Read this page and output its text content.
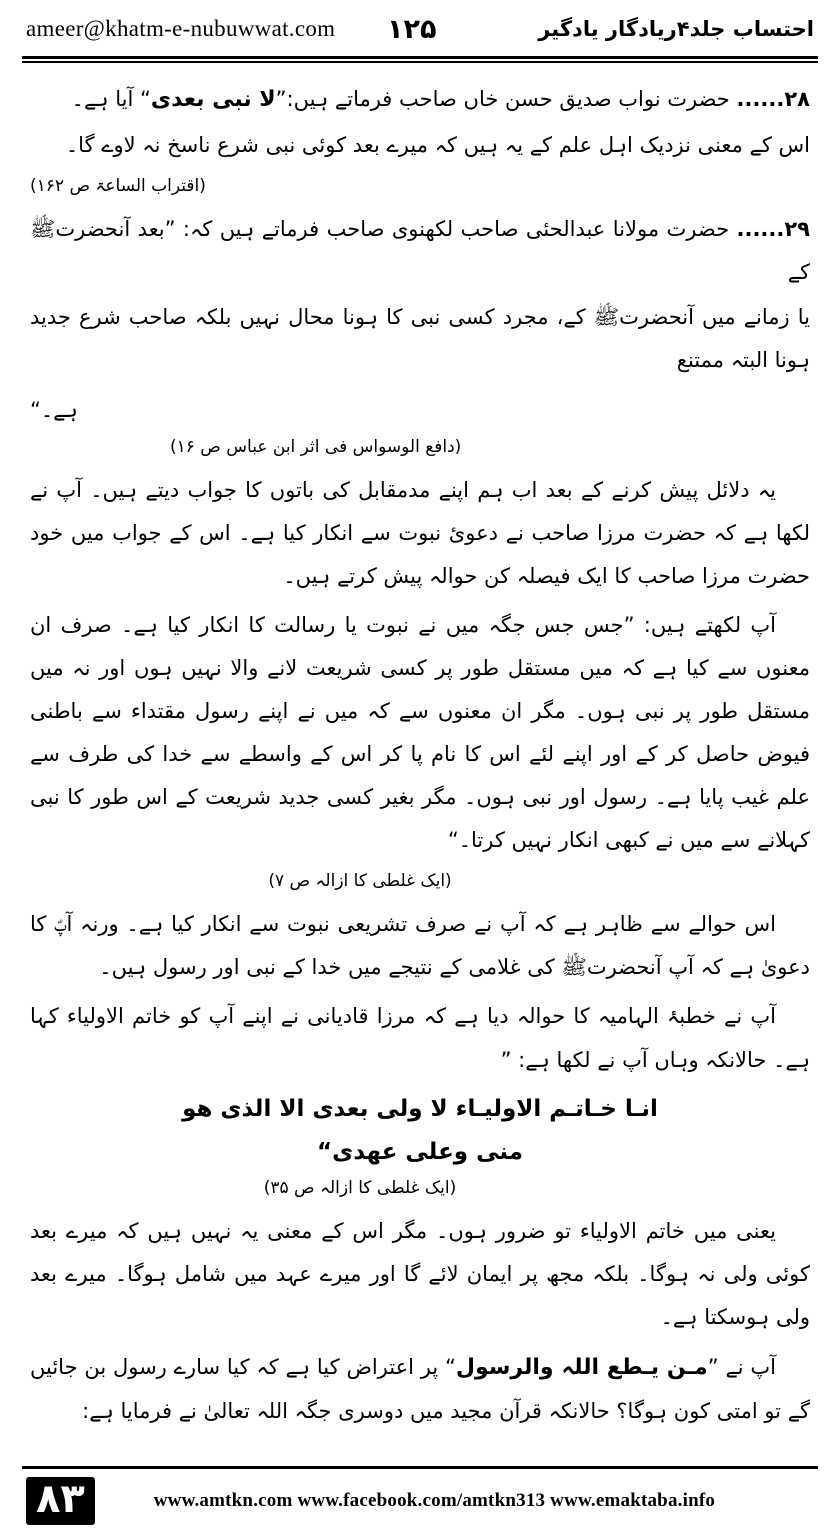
ameer@khatm-e-nubuwwat.com ۱۲۵	احتساب جلد۴ریادگار یادگیر
۲۸...... حضرت نواب صدیق حسن خاں صاحب فرماتے ہیں:”لا نبی بعدی“ آیا ہے۔
اس کے معنی نزدیک اہل علم کے یہ ہیں کہ میرے بعد کوئی نبی شرع ناسخ نہ لاوے گا۔
(اقتراب الساعۃ ص ۱۶۲)
۲۹...... حضرت مولانا عبدالحئی صاحب لکھنوی صاحب فرماتے ہیں کہ: ”بعد آنحضرتﷺ کے
یا زمانے میں آنحضرتﷺ کے، مجرد کسی نبی کا ہونا محال نہیں بلکہ صاحب شرع جدید ہونا البتہ ممتنع
ہے۔“
(دافع الوسواس فی اثر ابن عباس ص ۱۶)
یہ دلائل پیش کرنے کے بعد اب ہم اپنے مدمقابل کی باتوں کا جواب دیتے ہیں۔ آپ نے لکھا ہے کہ حضرت مرزا صاحب نے دعویٔ نبوت سے انکار کیا ہے۔ اس کے جواب میں خود حضرت مرزا صاحب کا ایک فیصلہ کن حوالہ پیش کرتے ہیں۔
آپ لکھتے ہیں: ”جس جس جگہ میں نے نبوت یا رسالت کا انکار کیا ہے۔ صرف ان معنوں سے کیا ہے کہ میں مستقل طور پر کسی شریعت لانے والا نہیں ہوں اور نہ میں مستقل طور پر نبی ہوں۔ مگر ان معنوں سے کہ میں نے اپنے رسول مقتداء سے باطنی فیوض حاصل کر کے اور اپنے لئے اس کا نام پا کر اس کے واسطے سے خدا کی طرف سے علم غیب پایا ہے۔ رسول اور نبی ہوں۔ مگر بغیر کسی جدید شریعت کے اس طور کا نبی کہلانے سے میں نے کبھی انکار نہیں کرتا۔“
(ایک غلطی کا ازالہ ص ۷)
اس حوالے سے ظاہر ہے کہ آپ نے صرف تشریعی نبوت سے انکار کیا ہے۔ ورنہ آپؑ کا دعویٰ ہے کہ آپ آنحضرتﷺ کی غلامی کے نتیجے میں خدا کے نبی اور رسول ہیں۔
آپ نے خطبۂ الہامیہ کا حوالہ دیا ہے کہ مرزا قادیانی نے اپنے آپ کو خاتم الاولیاء کہا ہے۔ حالانکہ وہاں آپ نے لکھا ہے: ”
انـا خـاتـم الاولیـاء لا ولی بعدی الا الذی ھو
منی وعلی عھدی“
(ایک غلطی کا ازالہ ص ۳۵)
یعنی میں خاتم الاولیاء تو ضرور ہوں۔ مگر اس کے معنی یہ نہیں ہیں کہ میرے بعد کوئی ولی نہ ہوگا۔ بلکہ مجھ پر ایمان لائے گا اور میرے عہد میں شامل ہوگا۔ میرے بعد ولی ہوسکتا ہے۔
آپ نے ”مـن یـطع اللہ والرسول“ پر اعتراض کیا ہے کہ کیا سارے رسول بن جائیں گے تو امتی کون ہوگا؟ حالانکہ قرآن مجید میں دوسری جگہ اللہ تعالیٰ نے فرمایا ہے:
۸۳	www.amtkn.com www.facebook.com/amtkn313 www.emaktaba.info
